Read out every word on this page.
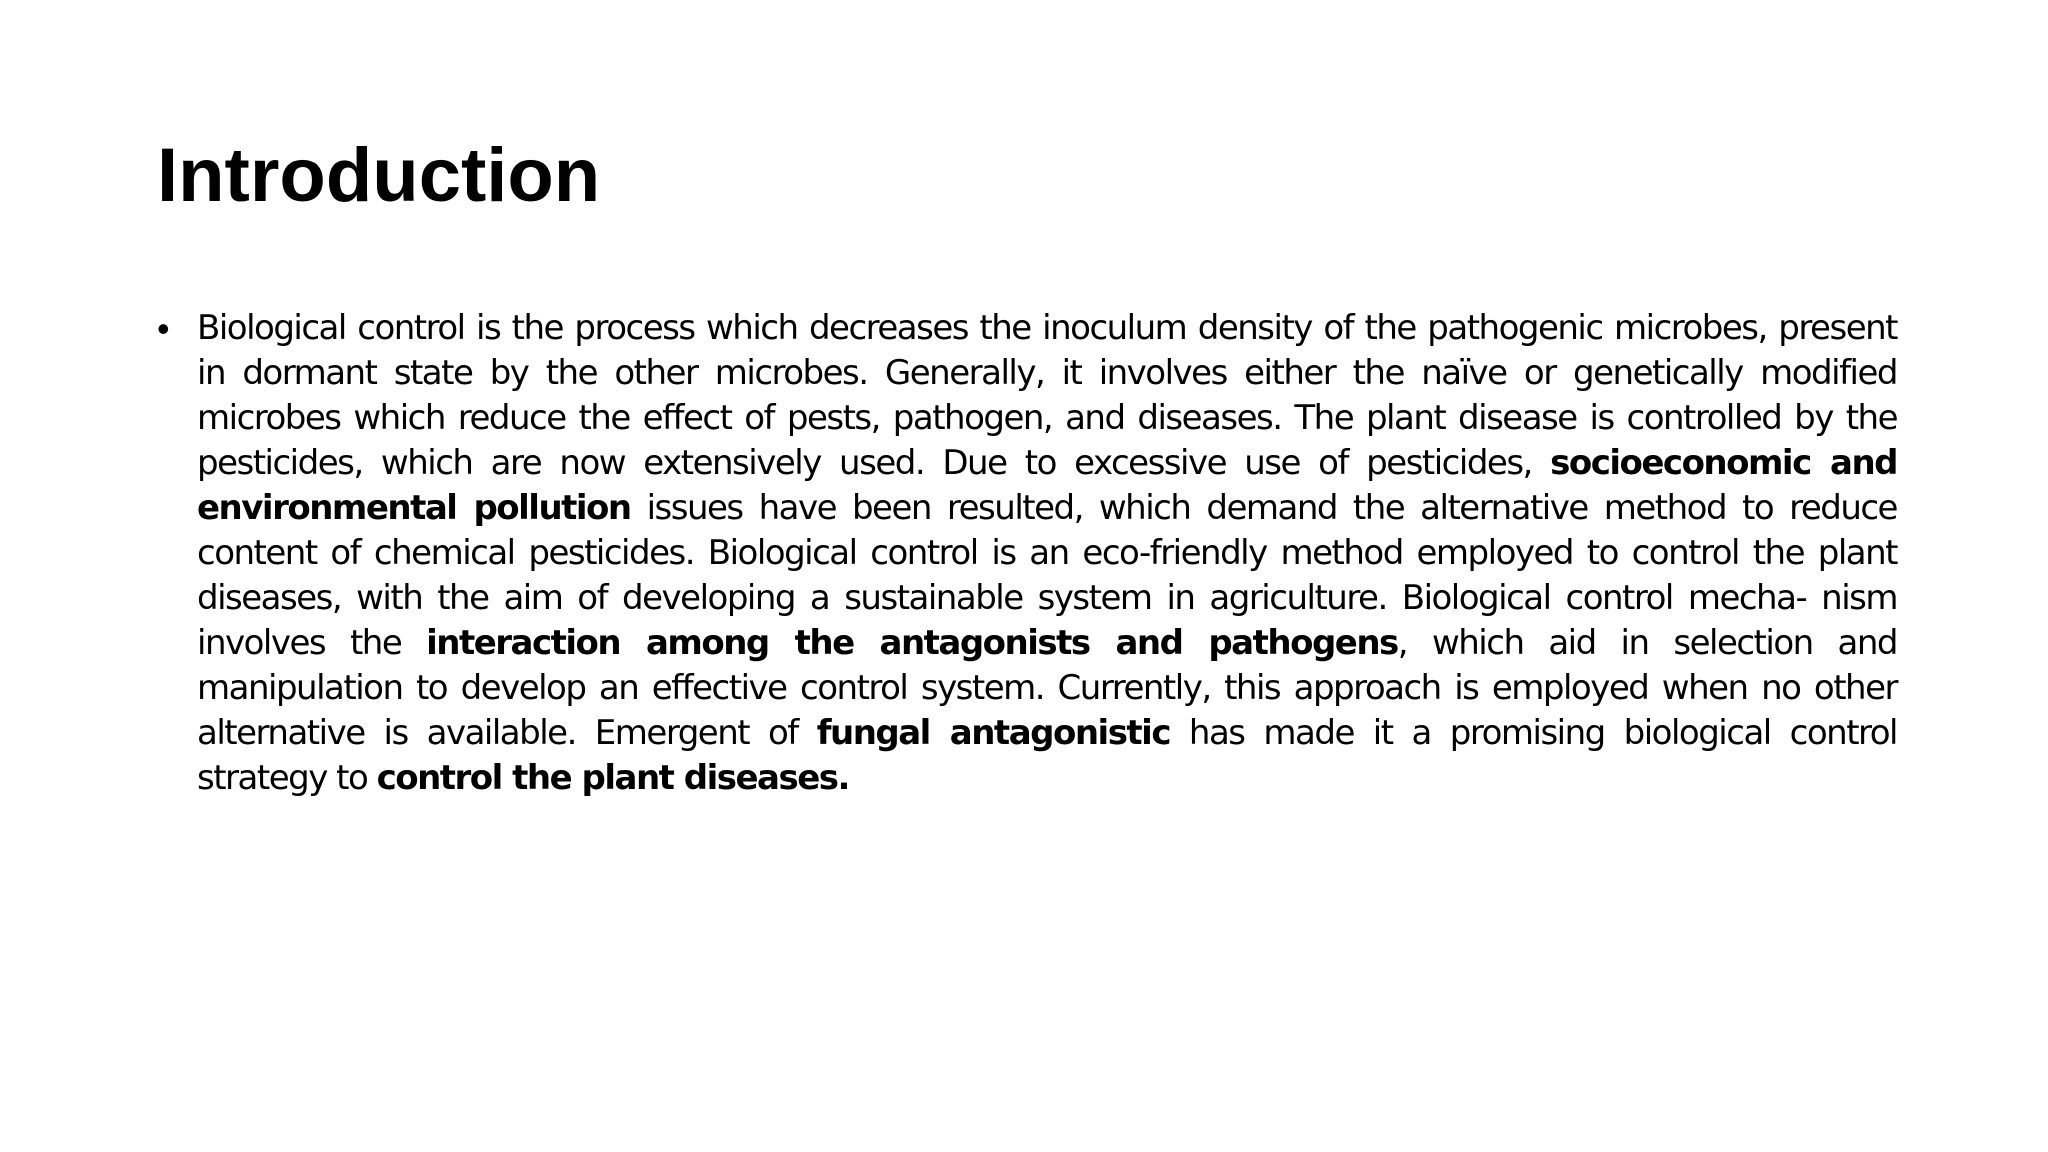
Introduction
• Biological control is the process which decreases the inoculum density of the pathogenic microbes, present in dormant state by the other microbes. Generally, it involves either the naïve or genetically modified microbes which reduce the effect of pests, pathogen, and diseases. The plant disease is controlled by the pesticides, which are now extensively used. Due to excessive use of pesticides, socioeconomic and environmental pollution issues have been resulted, which demand the alternative method to reduce content of chemical pesticides. Biological control is an eco-friendly method employed to control the plant diseases, with the aim of developing a sustainable system in agriculture. Biological control mecha- nism involves the interaction among the antagonists and pathogens, which aid in selection and manipulation to develop an effective control system. Currently, this approach is employed when no other alternative is available. Emergent of fungal antagonistic has made it a promising biological control strategy to control the plant diseases.
